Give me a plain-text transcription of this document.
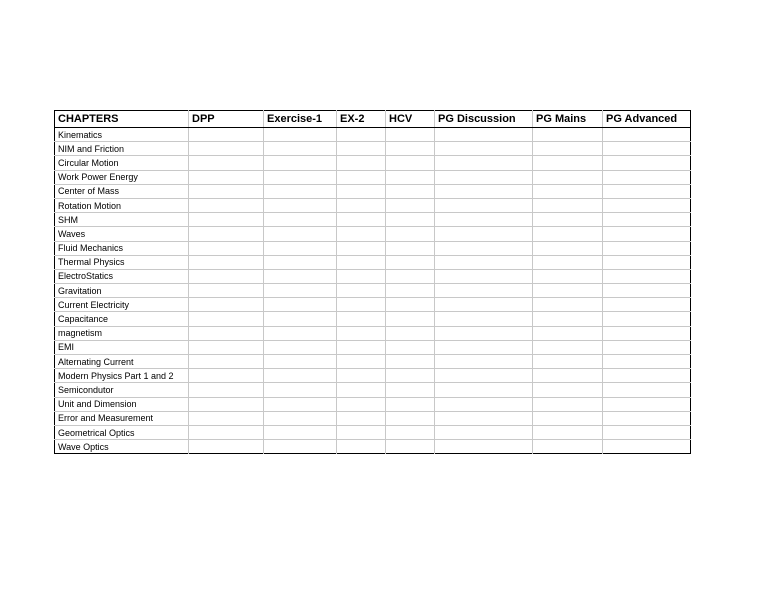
CHAPTERS	DPP	Exercise-1	EX-2	HCV	PG Discussion	PG Mains	PG Advanced
Kinematics							
NIM and Friction							
Circular Motion							
Work Power Energy							
Center of Mass							
Rotation Motion							
SHM							
Waves							
Fluid Mechanics							
Thermal Physics							
ElectroStatics							
Gravitation							
Current Electricity							
Capacitance							
magnetism							
EMI							
Alternating Current							
Modern Physics Part 1 and 2							
Semicondutor							
Unit and Dimension							
Error and Measurement							
Geometrical Optics							
Wave Optics							
